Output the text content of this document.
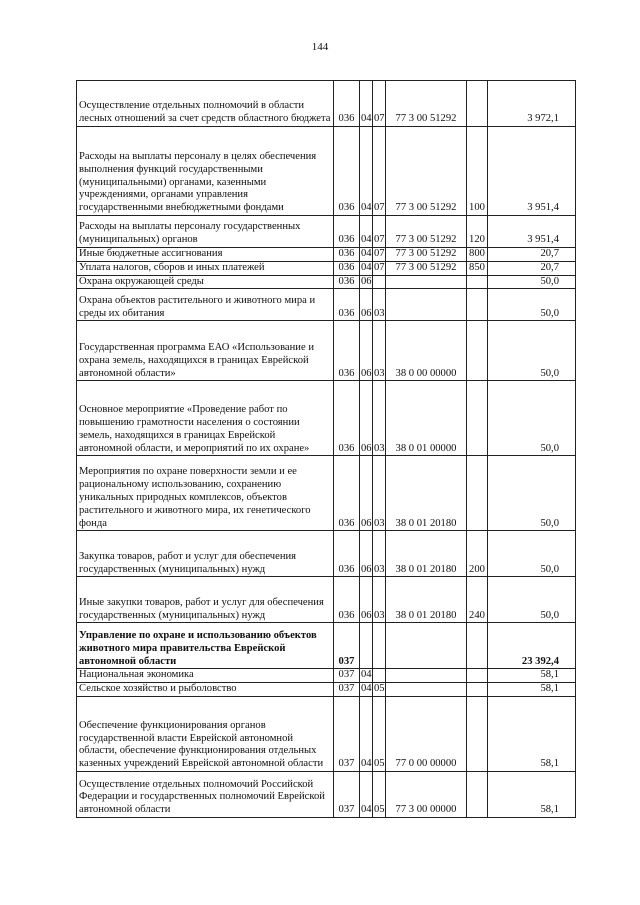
144
Осуществление отдельных полномочий в области лесных отношений за счет средств областного бюджета	036	04	07	77 3 00 51292		3 972,1
Расходы на выплаты персоналу в целях обеспечения выполнения функций государственными (муниципальными) органами, казенными учреждениями, органами управления государственными внебюджетными фондами	036	04	07	77 3 00 51292	100	3 951,4
Расходы на выплаты персоналу государственных (муниципальных) органов	036	04	07	77 3 00 51292	120	3 951,4
Иные бюджетные ассигнования	036	04	07	77 3 00 51292	800	20,7
Уплата налогов, сборов и иных платежей	036	04	07	77 3 00 51292	850	20,7
Охрана окружающей среды	036	06				50,0
Охрана объектов растительного и животного мира и среды их обитания	036	06	03			50,0
Государственная программа ЕАО «Использование и охрана земель, находящихся в границах Еврейской автономной области»	036	06	03	38 0 00 00000		50,0
Основное мероприятие «Проведение работ по повышению грамотности населения о состоянии земель, находящихся в границах Еврейской автономной области, и мероприятий по их охране»	036	06	03	38 0 01 00000		50,0
Мероприятия по охране поверхности земли и ее рациональному использованию, сохранению уникальных природных комплексов, объектов растительного и животного мира, их генетического фонда	036	06	03	38 0 01 20180		50,0
Закупка товаров, работ и услуг для обеспечения государственных (муниципальных) нужд	036	06	03	38 0 01 20180	200	50,0
Иные закупки товаров, работ и услуг для обеспечения государственных (муниципальных) нужд	036	06	03	38 0 01 20180	240	50,0
Управление по охране и использованию объектов животного мира правительства Еврейской автономной области	037					23 392,4
Национальная экономика	037	04				58,1
Сельское хозяйство и рыболовство	037	04	05			58,1
Обеспечение функционирования органов государственной власти Еврейской автономной области, обеспечение функционирования отдельных казенных учреждений Еврейской автономной области	037	04	05	77 0 00 00000		58,1
Осуществление отдельных полномочий Российской Федерации и государственных полномочий Еврейской автономной области	037	04	05	77 3 00 00000		58,1
